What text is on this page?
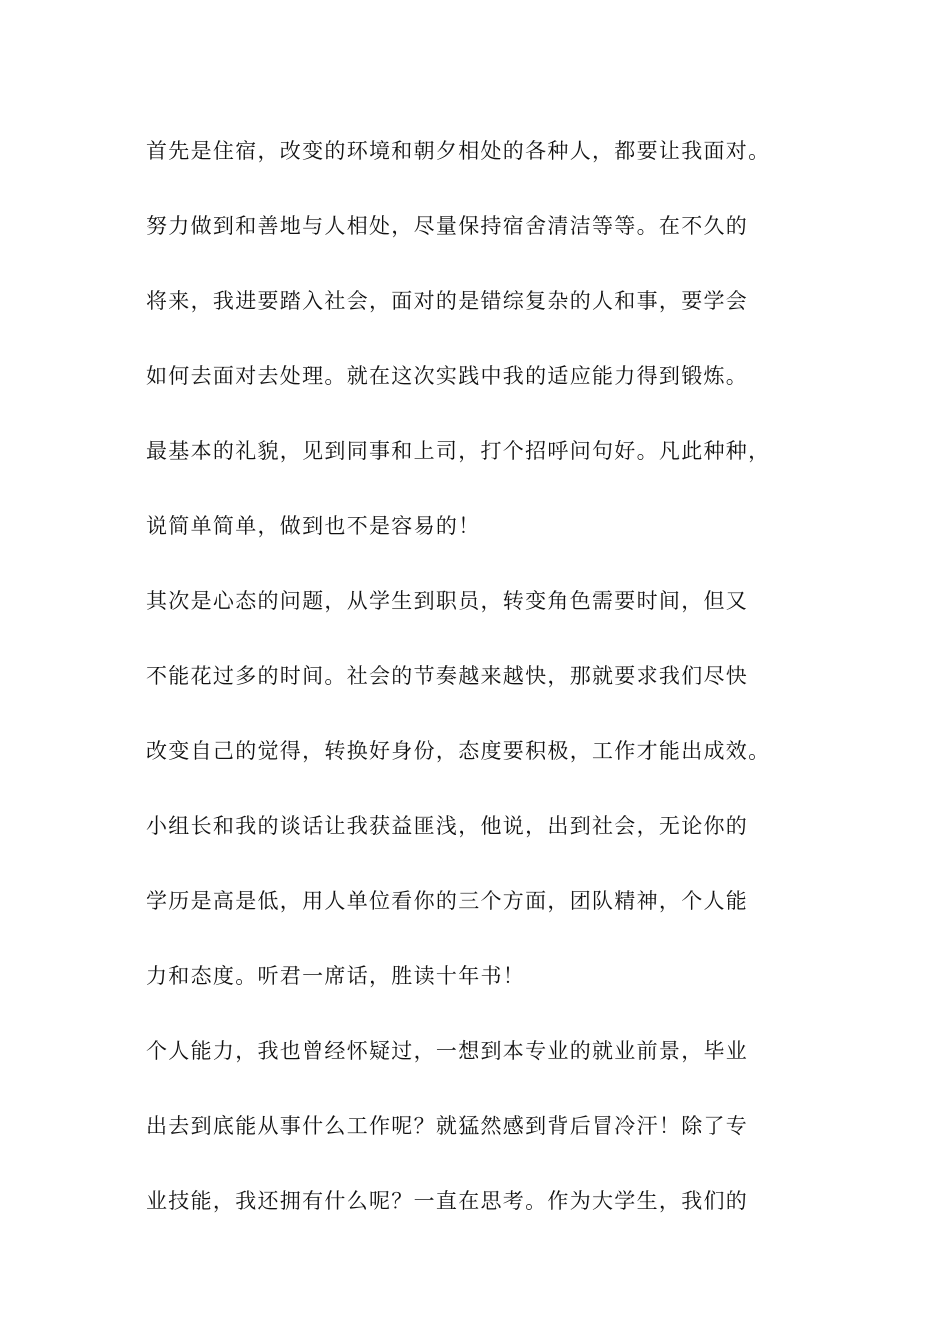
首先是住宿，改变的环境和朝夕相处的各种人，都要让我面对。
努力做到和善地与人相处，尽量保持宿舍清洁等等。在不久的
将来，我进要踏入社会，面对的是错综复杂的人和事，要学会
如何去面对去处理。就在这次实践中我的适应能力得到锻炼。
最基本的礼貌，见到同事和上司，打个招呼问句好。凡此种种，
说简单简单，做到也不是容易的！
其次是心态的问题，从学生到职员，转变角色需要时间，但又
不能花过多的时间。社会的节奏越来越快，那就要求我们尽快
改变自己的觉得，转换好身份，态度要积极，工作才能出成效。
小组长和我的谈话让我获益匪浅，他说，出到社会，无论你的
学历是高是低，用人单位看你的三个方面，团队精神，个人能
力和态度。听君一席话，胜读十年书！
个人能力，我也曾经怀疑过，一想到本专业的就业前景，毕业
出去到底能从事什么工作呢？就猛然感到背后冒冷汗！除了专
业技能，我还拥有什么呢？一直在思考。作为大学生，我们的
